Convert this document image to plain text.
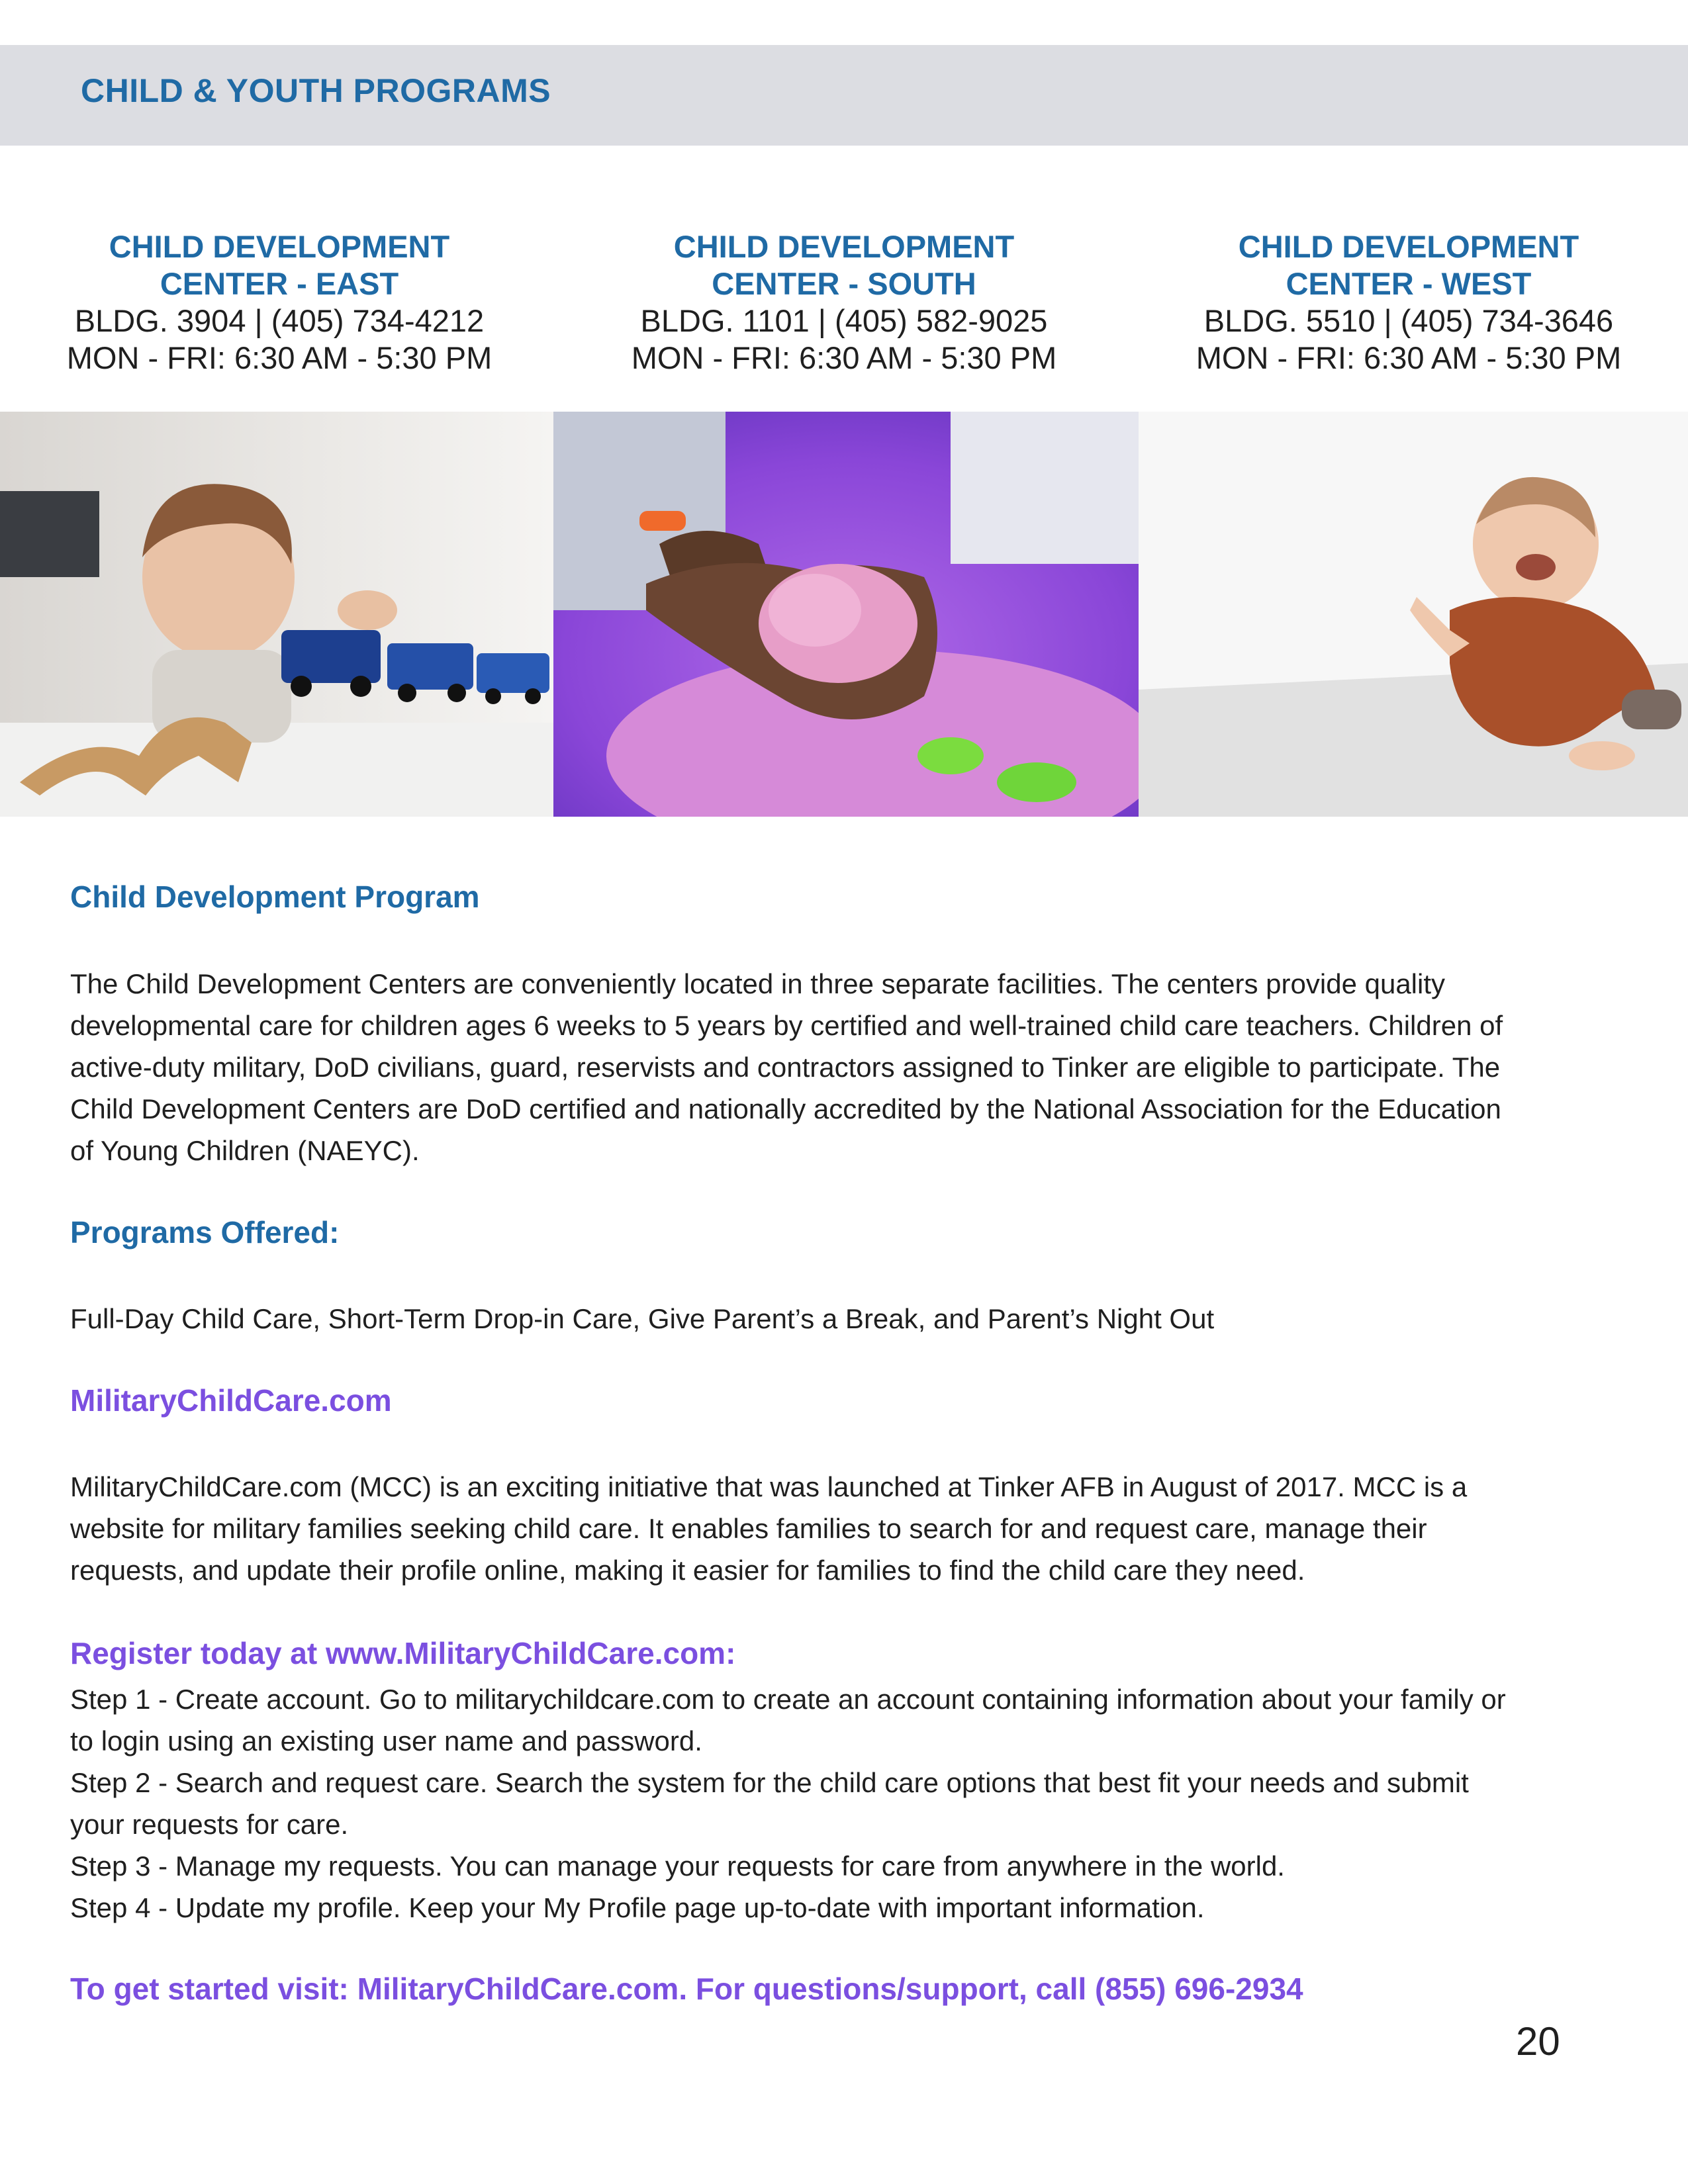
CHILD & YOUTH PROGRAMS
CHILD DEVELOPMENT
CENTER - EAST
BLDG. 3904 | (405) 734-4212
MON - FRI: 6:30 AM - 5:30 PM
CHILD DEVELOPMENT
CENTER - SOUTH
BLDG. 1101 | (405) 582-9025
MON - FRI: 6:30 AM - 5:30 PM
CHILD DEVELOPMENT
CENTER - WEST
BLDG. 5510 | (405) 734-3646
MON - FRI: 6:30 AM - 5:30 PM
Child Development Program
The Child Development Centers are conveniently located in three separate facilities. The centers provide quality
developmental care for children ages 6 weeks to 5 years by certified and well-trained child care teachers. Children of
active-duty military, DoD civilians, guard, reservists and contractors assigned to Tinker are eligible to participate. The
Child Development Centers are DoD certified and nationally accredited by the National Association for the Education
of Young Children (NAEYC).
Programs Offered:
Full-Day Child Care, Short-Term Drop-in Care, Give Parent’s a Break, and Parent’s Night Out
MilitaryChildCare.com
MilitaryChildCare.com (MCC) is an exciting initiative that was launched at Tinker AFB in August of 2017. MCC is a
website for military families seeking child care. It enables families to search for and request care, manage their
requests, and update their profile online, making it easier for families to find the child care they need.
Register today at www.MilitaryChildCare.com:
Step 1 - Create account. Go to militarychildcare.com to create an account containing information about your family or
to login using an existing user name and password.
Step 2 - Search and request care. Search the system for the child care options that best fit your needs and submit
your requests for care.
Step 3 - Manage my requests. You can manage your requests for care from anywhere in the world.
Step 4 - Update my profile. Keep your My Profile page up-to-date with important information.
To get started visit: MilitaryChildCare.com. For questions/support, call (855) 696-2934
20
